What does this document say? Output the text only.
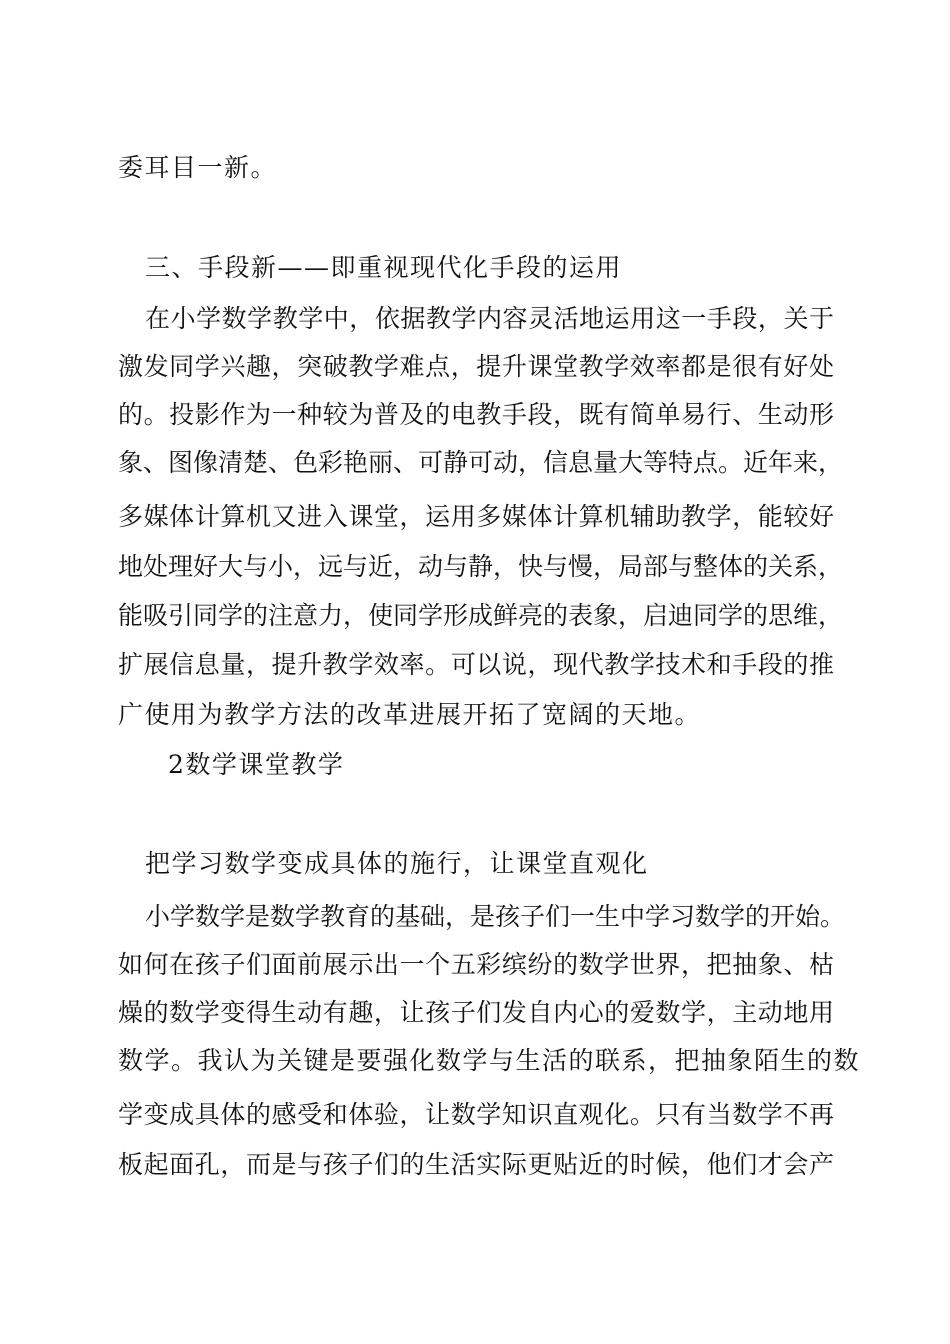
委耳目一新。

三、手段新——即重视现代化手段的运用

在小学数学教学中，依据教学内容灵活地运用这一手段，关于

激发同学兴趣，突破教学难点，提升课堂教学效率都是很有好处

的。投影作为一种较为普及的电教手段，既有简单易行、生动形

象、图像清楚、色彩艳丽、可静可动，信息量大等特点。近年来，

多媒体计算机又进入课堂，运用多媒体计算机辅助教学，能较好

地处理好大与小，远与近，动与静，快与慢，局部与整体的关系，

能吸引同学的注意力，使同学形成鲜亮的表象，启迪同学的思维，

扩展信息量，提升教学效率。可以说，现代教学技术和手段的推

广使用为教学方法的改革进展开拓了宽阔的天地。

2数学课堂教学

把学习数学变成具体的施行，让课堂直观化

小学数学是数学教育的基础，是孩子们一生中学习数学的开始。

如何在孩子们面前展示出一个五彩缤纷的数学世界，把抽象、枯

燥的数学变得生动有趣，让孩子们发自内心的爱数学，主动地用

数学。我认为关键是要强化数学与生活的联系，把抽象陌生的数

学变成具体的感受和体验，让数学知识直观化。只有当数学不再

板起面孔，而是与孩子们的生活实际更贴近的时候，他们才会产
